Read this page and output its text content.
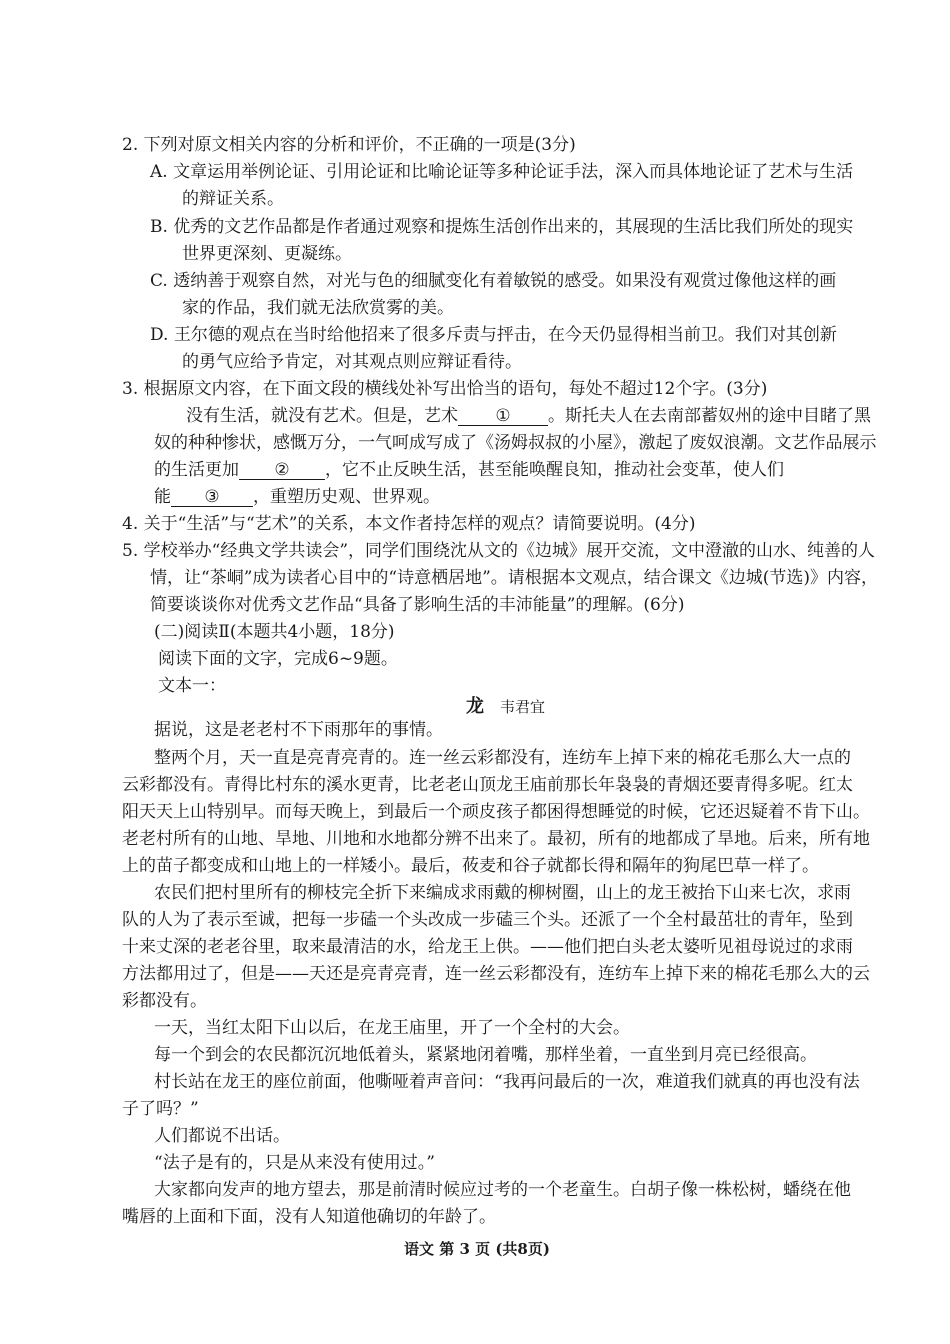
2. 下列对原文相关内容的分析和评价，不正确的一项是(3分)
A. 文章运用举例论证、引用论证和比喻论证等多种论证手法，深入而具体地论证了艺术与生活
的辩证关系。
B. 优秀的文艺作品都是作者通过观察和提炼生活创作出来的，其展现的生活比我们所处的现实
世界更深刻、更凝练。
C. 透纳善于观察自然，对光与色的细腻变化有着敏锐的感受。如果没有观赏过像他这样的画
家的作品，我们就无法欣赏雾的美。
D. 王尔德的观点在当时给他招来了很多斥责与抨击，在今天仍显得相当前卫。我们对其创新
的勇气应给予肯定，对其观点则应辩证看待。
3. 根据原文内容，在下面文段的横线处补写出恰当的语句，每处不超过12个字。(3分)
没有生活，就没有艺术。但是，艺术 ① 。斯托夫人在去南部蓄奴州的途中目睹了黑
奴的种种惨状，感慨万分，一气呵成写成了《汤姆叔叔的小屋》，激起了废奴浪潮。文艺作品展示
的生活更加 ② ，它不止反映生活，甚至能唤醒良知，推动社会变革，使人们
能 ③ ，重塑历史观、世界观。
4. 关于“生活”与“艺术”的关系，本文作者持怎样的观点？请简要说明。(4分)
5. 学校举办“经典文学共读会”，同学们围绕沈从文的《边城》展开交流，文中澄澈的山水、纯善的人
情，让“茶峒”成为读者心目中的“诗意栖居地”。请根据本文观点，结合课文《边城(节选)》内容，
简要谈谈你对优秀文艺作品“具备了影响生活的丰沛能量”的理解。(6分)
(二)阅读Ⅱ(本题共4小题，18分)
阅读下面的文字，完成6~9题。
文本一：
龙 韦君宜
据说，这是老老村不下雨那年的事情。
整两个月，天一直是亮青亮青的。连一丝云彩都没有，连纺车上掉下来的棉花毛那么大一点的
云彩都没有。青得比村东的溪水更青，比老老山顶龙王庙前那长年袅袅的青烟还要青得多呢。红太
阳天天上山特别早。而每天晚上，到最后一个顽皮孩子都困得想睡觉的时候，它还迟疑着不肯下山。
老老村所有的山地、旱地、川地和水地都分辨不出来了。最初，所有的地都成了旱地。后来，所有地
上的苗子都变成和山地上的一样矮小。最后，莜麦和谷子就都长得和隔年的狗尾巴草一样了。
农民们把村里所有的柳枝完全折下来编成求雨戴的柳树圈，山上的龙王被抬下山来七次，求雨
队的人为了表示至诚，把每一步磕一个头改成一步磕三个头。还派了一个全村最茁壮的青年，坠到
十来丈深的老老谷里，取来最清洁的水，给龙王上供。——他们把白头老太婆听见祖母说过的求雨
方法都用过了，但是——天还是亮青亮青，连一丝云彩都没有，连纺车上掉下来的棉花毛那么大的云
彩都没有。
一天，当红太阳下山以后，在龙王庙里，开了一个全村的大会。
每一个到会的农民都沉沉地低着头，紧紧地闭着嘴，那样坐着，一直坐到月亮已经很高。
村长站在龙王的座位前面，他嘶哑着声音问：“我再问最后的一次，难道我们就真的再也没有法
子了吗？”
人们都说不出话。
“法子是有的，只是从来没有使用过。”
大家都向发声的地方望去，那是前清时候应过考的一个老童生。白胡子像一株松树，蟠绕在他
嘴唇的上面和下面，没有人知道他确切的年龄了。
语文 第 3 页 (共8页)
